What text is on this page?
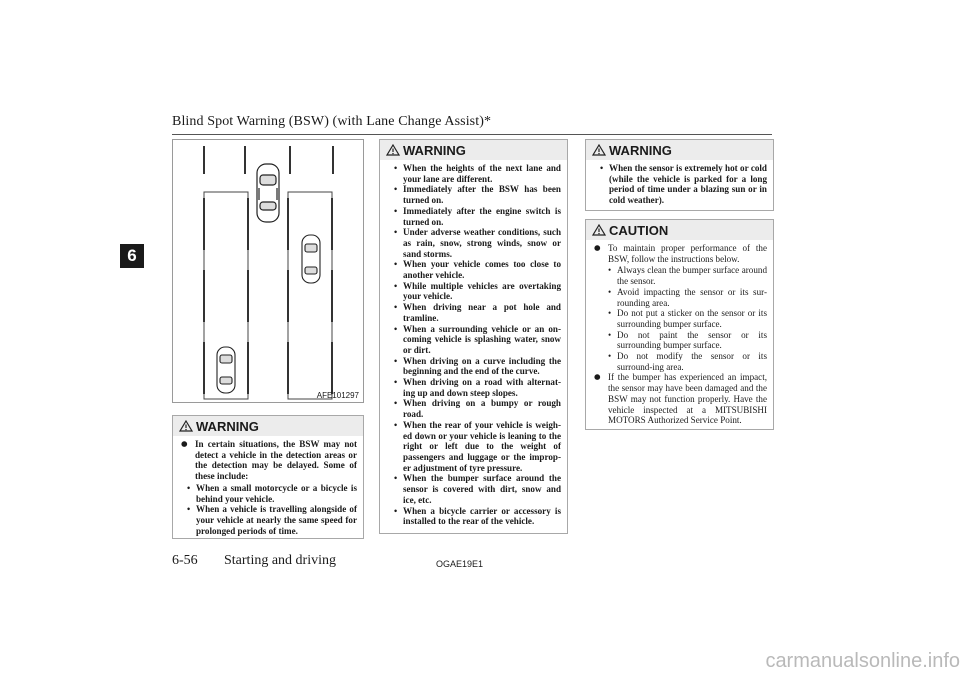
Blind Spot Warning (BSW) (with Lane Change Assist)*
6
AFE101297
WARNING
● In certain situations, the BSW may not detect a vehicle in the detection areas or the detection may be delayed. Some of these include:
• When a small motorcycle or a bicycle is behind your vehicle.
• When a vehicle is travelling alongside of your vehicle at nearly the same speed for prolonged periods of time.
WARNING
• When the heights of the next lane and your lane are different.
• Immediately after the BSW has been turned on.
• Immediately after the engine switch is turned on.
• Under adverse weather conditions, such as rain, snow, strong winds, snow or sand storms.
• When your vehicle comes too close to another vehicle.
• While multiple vehicles are overtaking your vehicle.
• When driving near a pot hole and tramline.
• When a surrounding vehicle or an on-coming vehicle is splashing water, snow or dirt.
• When driving on a curve including the beginning and the end of the curve.
• When driving on a road with alternat-ing up and down steep slopes.
• When driving on a bumpy or rough road.
• When the rear of your vehicle is weigh-ed down or your vehicle is leaning to the right or left due to the weight of passengers and luggage or the improp-er adjustment of tyre pressure.
• When the bumper surface around the sensor is covered with dirt, snow and ice, etc.
• When a bicycle carrier or accessory is installed to the rear of the vehicle.
WARNING
• When the sensor is extremely hot or cold (while the vehicle is parked for a long period of time under a blazing sun or in cold weather).
CAUTION
● To maintain proper performance of the BSW, follow the instructions below.
• Always clean the bumper surface around the sensor.
• Avoid impacting the sensor or its sur-rounding area.
• Do not put a sticker on the sensor or its surrounding bumper surface.
• Do not paint the sensor or its surrounding bumper surface.
• Do not modify the sensor or its surround-ing area.
● If the bumper has experienced an impact, the sensor may have been damaged and the BSW may not function properly. Have the vehicle inspected at a MITSUBISHI MOTORS Authorized Service Point.
6-56 Starting and driving	OGAE19E1
carmanualsonline.info
